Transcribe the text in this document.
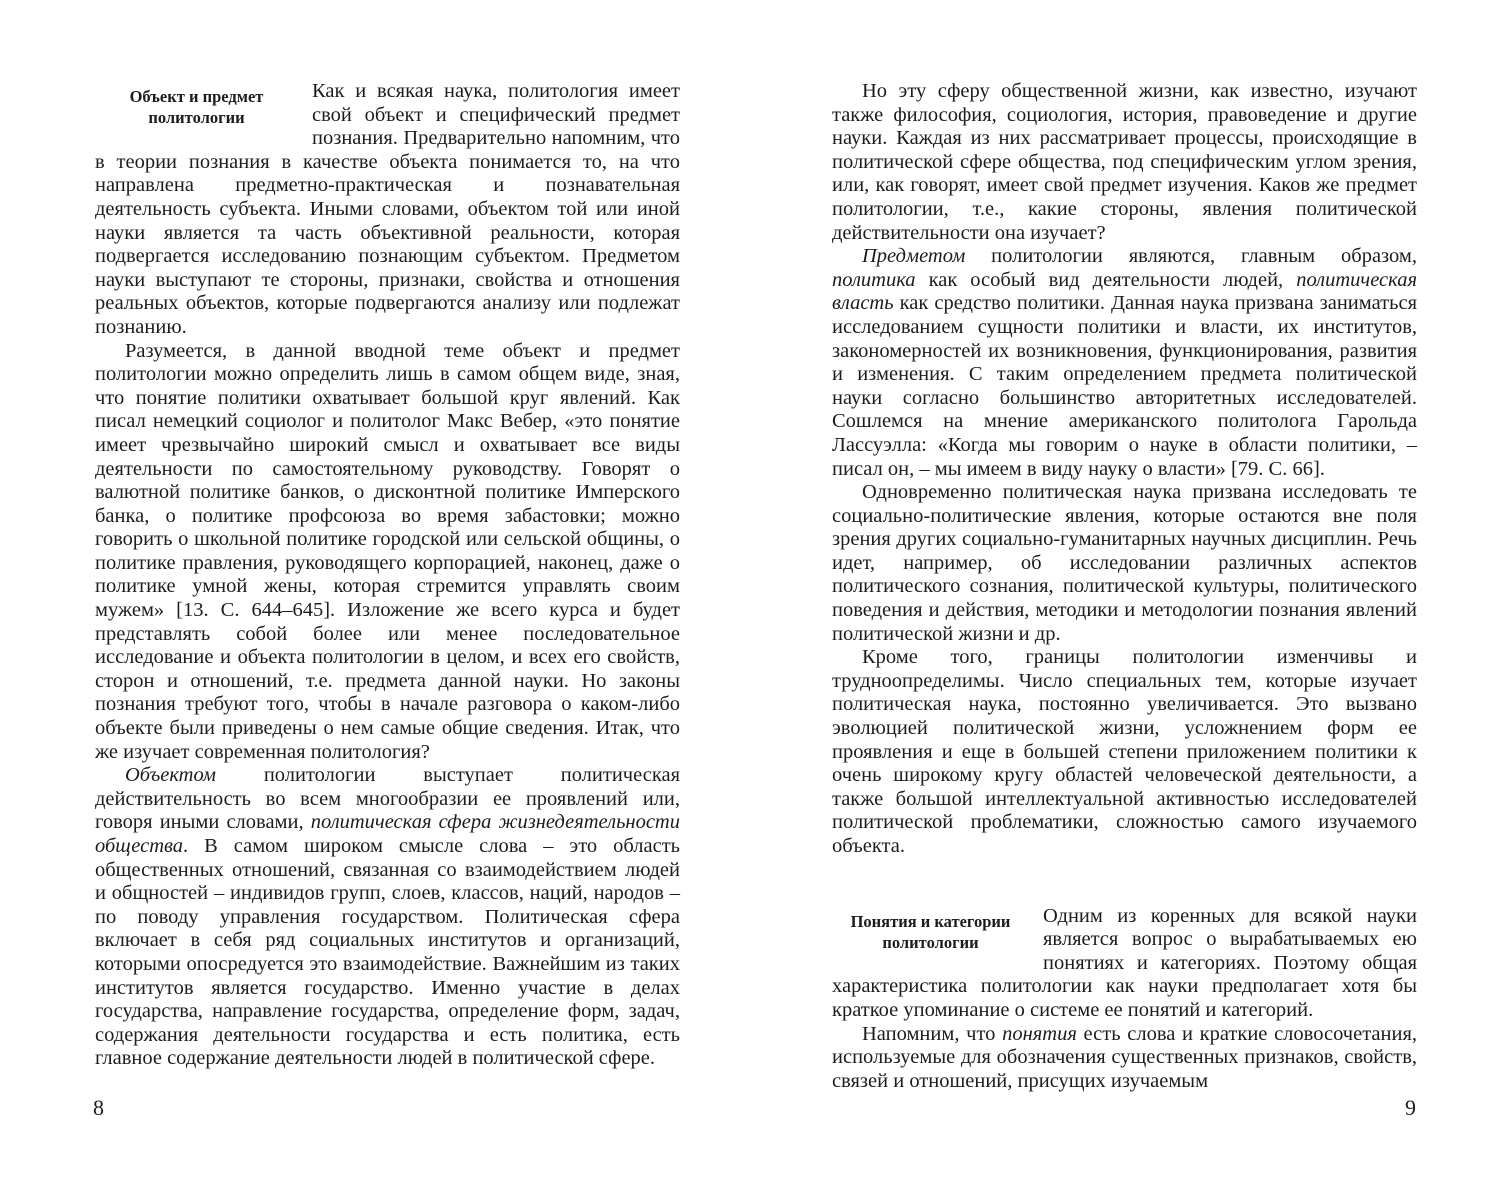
Объект и предмет политологии

Как и всякая наука, политология имеет свой объект и специфический предмет познания. Предварительно напомним, что в теории познания в качестве объекта понимается то, на что направлена предметно-практическая и познавательная деятельность субъекта. Иными словами, объектом той или иной науки является та часть объективной реальности, которая подвергается исследованию познающим субъектом. Предметом науки выступают те стороны, признаки, свойства и отношения реальных объектов, которые подвергаются анализу или подлежат познанию.

Разумеется, в данной вводной теме объект и предмет политологии можно определить лишь в самом общем виде, зная, что понятие политики охватывает большой круг явлений. Как писал немецкий социолог и политолог Макс Вебер, «это понятие имеет чрезвычайно широкий смысл и охватывает все виды деятельности по самостоятельному руководству. Говорят о валютной политике банков, о дисконтной политике Имперского банка, о политике профсоюза во время забастовки; можно говорить о школьной политике городской или сельской общины, о политике правления, руководящего корпорацией, наконец, даже о политике умной жены, которая стремится управлять своим мужем» [13. С. 644–645]. Изложение же всего курса и будет представлять собой более или менее последовательное исследование и объекта политологии в целом, и всех его свойств, сторон и отношений, т.е. предмета данной науки. Но законы познания требуют того, чтобы в начале разговора о каком-либо объекте были приведены о нем самые общие сведения. Итак, что же изучает современная политология?

Объектом политологии выступает политическая действительность во всем многообразии ее проявлений или, говоря иными словами, политическая сфера жизнедеятельности общества. В самом широком смысле слова – это область общественных отношений, связанная со взаимодействием людей и общностей – индивидов групп, слоев, классов, наций, народов – по поводу управления государством. Политическая сфера включает в себя ряд социальных институтов и организаций, которыми опосредуется это взаимодействие. Важнейшим из таких институтов является государство. Именно участие в делах государства, направление государства, определение форм, задач, содержания деятельности государства и есть политика, есть главное содержание деятельности людей в политической сфере.

Но эту сферу общественной жизни, как известно, изучают также философия, социология, история, правоведение и другие науки. Каждая из них рассматривает процессы, происходящие в политической сфере общества, под специфическим углом зрения, или, как говорят, имеет свой предмет изучения. Каков же предмет политологии, т.е., какие стороны, явления политической действительности она изучает?

Предметом политологии являются, главным образом, политика как особый вид деятельности людей, политическая власть как средство политики. Данная наука призвана заниматься исследованием сущности политики и власти, их институтов, закономерностей их возникновения, функционирования, развития и изменения. С таким определением предмета политической науки согласно большинство авторитетных исследователей. Сошлемся на мнение американского политолога Гарольда Лассуэлла: «Когда мы говорим о науке в области политики, – писал он, – мы имеем в виду науку о власти» [79. С. 66].

Одновременно политическая наука призвана исследовать те социально-политические явления, которые остаются вне поля зрения других социально-гуманитарных научных дисциплин. Речь идет, например, об исследовании различных аспектов политического сознания, политической культуры, политического поведения и действия, методики и методологии познания явлений политической жизни и др.

Кроме того, границы политологии изменчивы и трудноопределимы. Число специальных тем, которые изучает политическая наука, постоянно увеличивается. Это вызвано эволюцией политической жизни, усложнением форм ее проявления и еще в большей степени приложением политики к очень широкому кругу областей человеческой деятельности, а также большой интеллектуальной активностью исследователей политической проблематики, сложностью самого изучаемого объекта.

Понятия и категории политологии

Одним из коренных для всякой науки является вопрос о вырабатываемых ею понятиях и категориях. Поэтому общая характеристика политологии как науки предполагает хотя бы краткое упоминание о системе ее понятий и категорий.

Напомним, что понятия есть слова и краткие словосочетания, используемые для обозначения существенных признаков, свойств, связей и отношений, присущих изучаемым

8	9
